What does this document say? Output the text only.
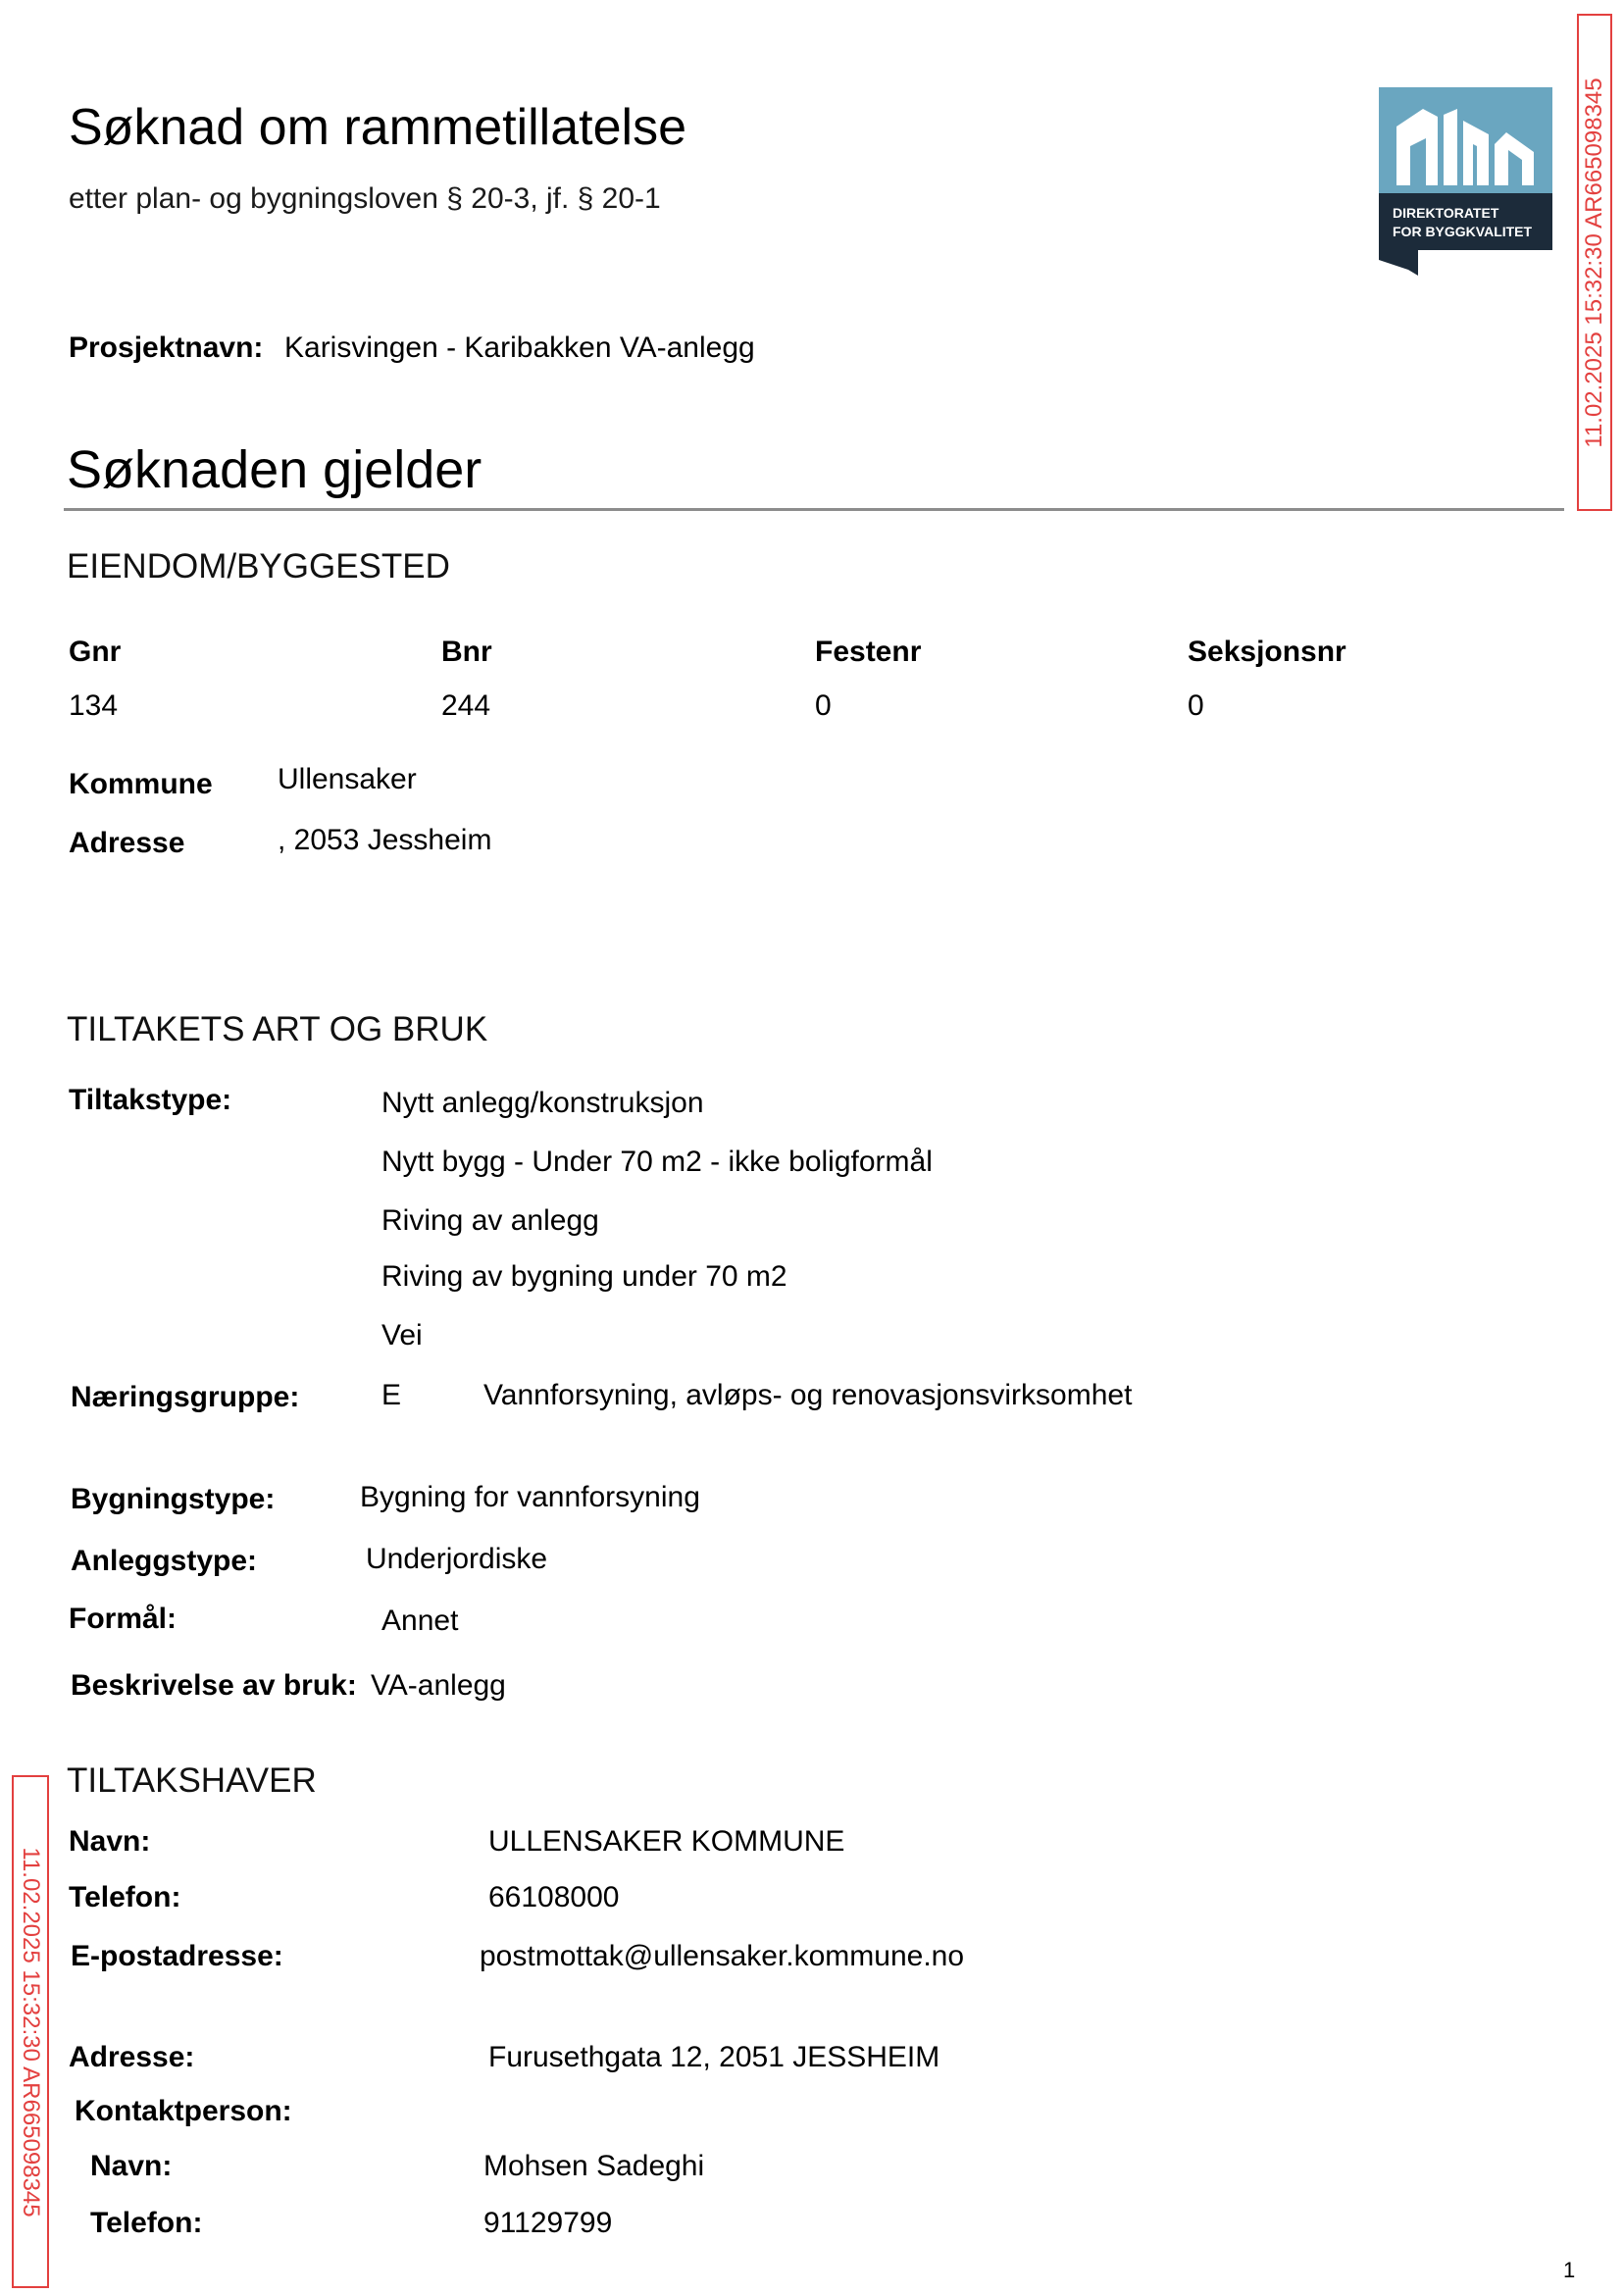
Søknad om rammetillatelse
etter plan- og bygningsloven § 20-3, jf. § 20-1	DIREKTORATET
FOR BYGGKVALITET 11.02.2025 15:32:30 AR665098345
Prosjektnavn: Karisvingen - Karibakken VA-anlegg
Søknaden gjelder
EIENDOM/BYGGESTED
Gnr	Bnr	Festenr	Seksjonsnr
134	244	0	0
Kommune Ullensaker
Adresse	, 2053 Jessheim
TILTAKETS ART OG BRUK
Tiltakstype:	Nytt anlegg/konstruksjon
Nytt bygg - Under 70 m2 - ikke boligformål
Riving av anlegg
Riving av bygning under 70 m2
Vei
Næringsgruppe:	E	Vannforsyning, avløps- og renovasjonsvirksomhet
Bygningstype:	Bygning for vannforsyning
Anleggstype:	Underjordiske
Formål:	Annet
Beskrivelse av bruk: VA-anlegg
TILTAKSHAVER
Navn:	ULLENSAKER KOMMUNE
Telefon:	66108000
E-postadresse:	postmottak@ullensaker.kommune.no
Adresse:	Furusethgata 12, 2051 JESSHEIM
Kontaktperson:
Navn:	Mohsen Sadeghi
Telefon:	91129799
11.02.2025 15:32:30 AR665098345
1
